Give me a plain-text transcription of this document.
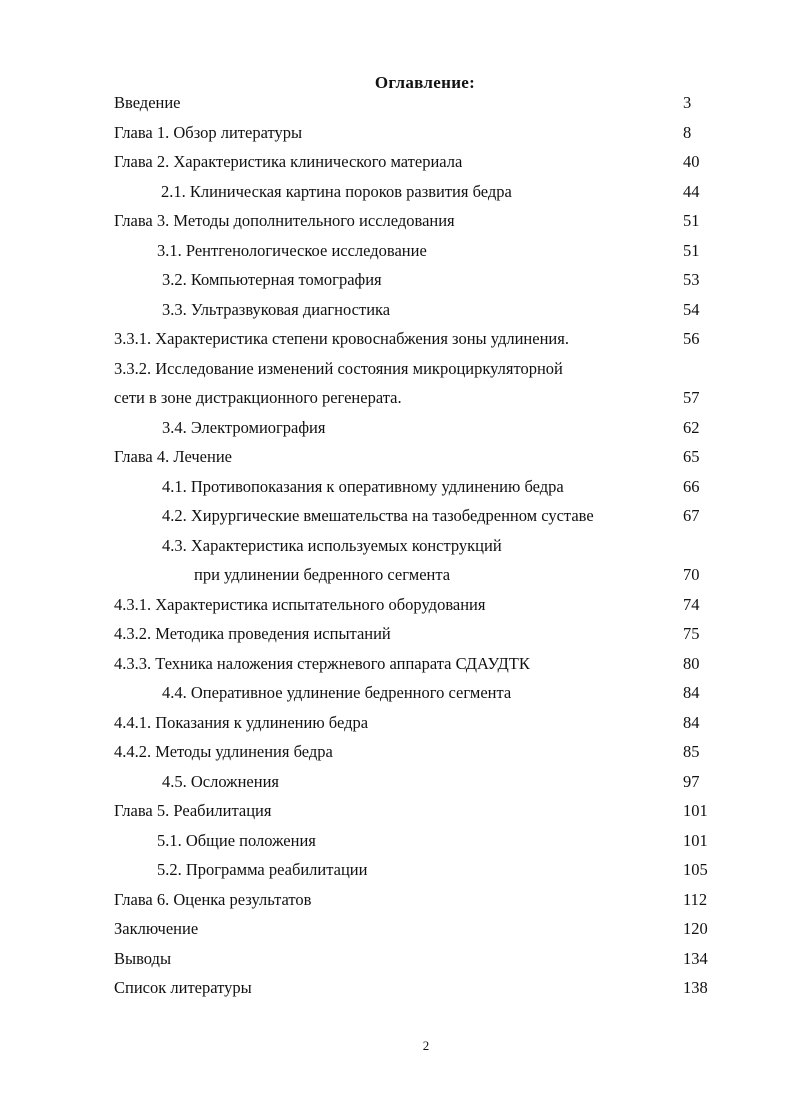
Оглавление:
Введение	3
Глава 1. Обзор литературы	8
Глава 2. Характеристика клинического материала	40
2.1. Клиническая картина пороков развития бедра	44
Глава 3. Методы дополнительного исследования	51
3.1. Рентгенологическое исследование	51
3.2. Компьютерная томография	53
3.3. Ультразвуковая диагностика	54
3.3.1. Характеристика степени кровоснабжения зоны удлинения.	56
3.3.2. Исследование изменений состояния микроциркуляторной
сети в зоне дистракционного регенерата.	57
3.4. Электромиография	62
Глава 4. Лечение	65
4.1. Противопоказания к оперативному удлинению бедра	66
4.2. Хирургические вмешательства на тазобедренном суставе	67
4.3. Характеристика используемых конструкций
при удлинении бедренного сегмента	70
4.3.1. Характеристика испытательного оборудования	74
4.3.2. Методика проведения испытаний	75
4.3.3. Техника наложения стержневого аппарата СДАУДТК	80
4.4. Оперативное удлинение бедренного сегмента	84
4.4.1. Показания к удлинению бедра	84
4.4.2. Методы удлинения бедра	85
4.5. Осложнения	97
Глава 5. Реабилитация	101
5.1. Общие положения	101
5.2. Программа реабилитации	105
Глава 6. Оценка результатов	112
Заключение	120
Выводы	134
Список литературы	138
2
